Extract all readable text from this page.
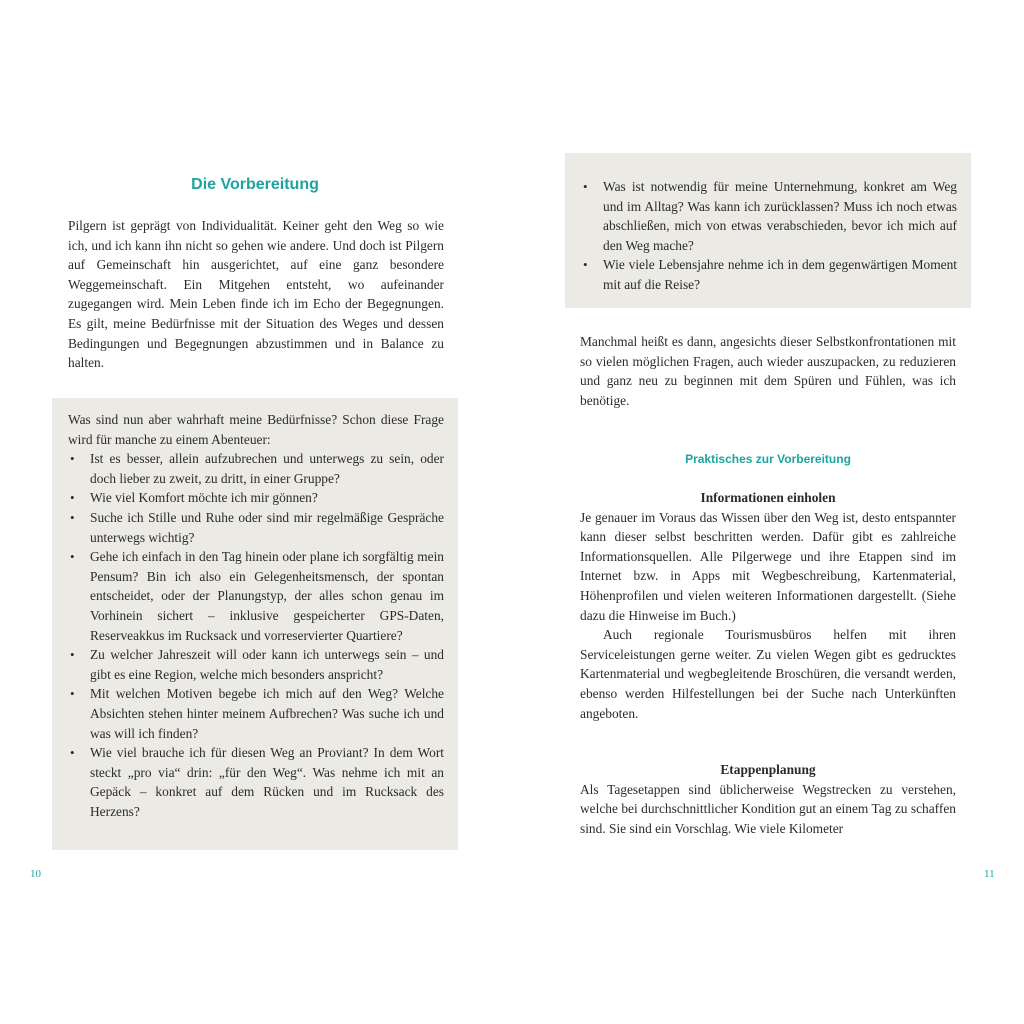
Die Vorbereitung

Pilgern ist geprägt von Individualität. Keiner geht den Weg so wie ich, und ich kann ihn nicht so gehen wie andere. Und doch ist Pilgern auf Gemeinschaft hin ausgerichtet, auf eine ganz besondere Weggemeinschaft. Ein Mitgehen entsteht, wo aufeinander zugegangen wird. Mein Leben finde ich im Echo der Begegnungen. Es gilt, meine Bedürfnisse mit der Situation des Weges und dessen Bedingungen und Begegnungen abzustimmen und in Balance zu halten.

Was sind nun aber wahrhaft meine Bedürfnisse? Schon diese Frage wird für manche zu einem Abenteuer:

• Ist es besser, allein aufzubrechen und unterwegs zu sein, oder doch lieber zu zweit, zu dritt, in einer Gruppe?
• Wie viel Komfort möchte ich mir gönnen?
• Suche ich Stille und Ruhe oder sind mir regelmäßige Gespräche unterwegs wichtig?
• Gehe ich einfach in den Tag hinein oder plane ich sorgfältig mein Pensum? Bin ich also ein Gelegenheitsmensch, der spontan entscheidet, oder der Planungstyp, der alles schon genau im Vorhinein sichert – inklusive gespeicherter GPS-Daten, Reserveakkus im Rucksack und vorreservierter Quartiere?
• Zu welcher Jahreszeit will oder kann ich unterwegs sein – und gibt es eine Region, welche mich besonders anspricht?
• Mit welchen Motiven begebe ich mich auf den Weg? Welche Absichten stehen hinter meinem Aufbrechen? Was suche ich und was will ich finden?
• Wie viel brauche ich für diesen Weg an Proviant? In dem Wort steckt „pro via“ drin: „für den Weg“. Was nehme ich mit an Gepäck – konkret auf dem Rücken und im Rucksack des Herzens?
10
• Was ist notwendig für meine Unternehmung, konkret am Weg und im Alltag? Was kann ich zurücklassen? Muss ich noch etwas abschließen, mich von etwas verabschieden, bevor ich mich auf den Weg mache?
• Wie viele Lebensjahre nehme ich in dem gegenwärtigen Moment mit auf die Reise?

Manchmal heißt es dann, angesichts dieser Selbstkonfrontationen mit so vielen möglichen Fragen, auch wieder auszupacken, zu reduzieren und ganz neu zu beginnen mit dem Spüren und Fühlen, was ich benötige.

Praktisches zur Vorbereitung
Informationen einholen

Je genauer im Voraus das Wissen über den Weg ist, desto entspannter kann dieser selbst beschritten werden. Dafür gibt es zahlreiche Informationsquellen. Alle Pilgerwege und ihre Etappen sind im Internet bzw. in Apps mit Wegbeschreibung, Kartenmaterial, Höhenprofilen und vielen weiteren Informationen dargestellt. (Siehe dazu die Hinweise im Buch.)

Auch regionale Tourismusbüros helfen mit ihren Serviceleistungen gerne weiter. Zu vielen Wegen gibt es gedrucktes Kartenmaterial und wegbegleitende Broschüren, die versandt werden, ebenso werden Hilfestellungen bei der Suche nach Unterkünften angeboten.

Etappenplanung

Als Tagesetappen sind üblicherweise Wegstrecken zu verstehen, welche bei durchschnittlicher Kondition gut an einem Tag zu schaffen sind. Sie sind ein Vorschlag. Wie viele Kilometer

11
